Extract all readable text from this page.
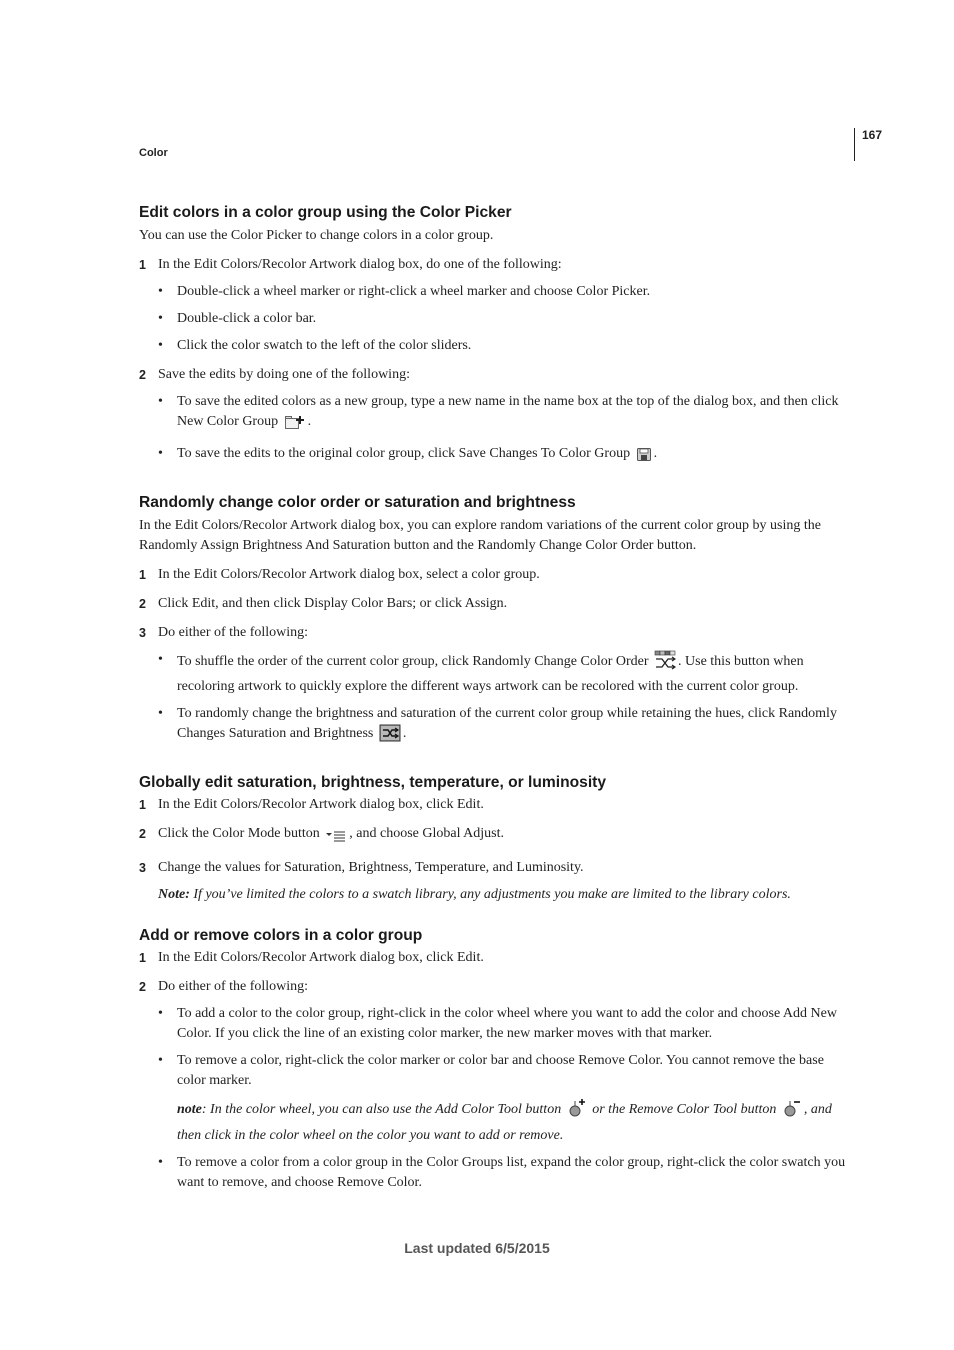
167
Color
Edit colors in a color group using the Color Picker

You can use the Color Picker to change colors in a color group.

1 In the Edit Colors/Recolor Artwork dialog box, do one of the following:
• Double-click a wheel marker or right-click a wheel marker and choose Color Picker.
• Double-click a color bar.
• Click the color swatch to the left of the color sliders.
2 Save the edits by doing one of the following:
• To save the edited colors as a new group, type a new name in the name box at the top of the dialog box, and then click New Color Group .
• To save the edits to the original color group, click Save Changes To Color Group .
Randomly change color order or saturation and brightness

In the Edit Colors/Recolor Artwork dialog box, you can explore random variations of the current color group by using the Randomly Assign Brightness And Saturation button and the Randomly Change Color Order button.

1 In the Edit Colors/Recolor Artwork dialog box, select a color group.
2 Click Edit, and then click Display Color Bars; or click Assign.
3 Do either of the following:
• To shuffle the order of the current color group, click Randomly Change Color Order . Use this button when recoloring artwork to quickly explore the different ways artwork can be recolored with the current color group.
• To randomly change the brightness and saturation of the current color group while retaining the hues, click Randomly Changes Saturation and Brightness .
Globally edit saturation, brightness, temperature, or luminosity
1 In the Edit Colors/Recolor Artwork dialog box, click Edit.
2 Click the Color Mode button , and choose Global Adjust.
3 Change the values for Saturation, Brightness, Temperature, and Luminosity.
Note: If you’ve limited the colors to a swatch library, any adjustments you make are limited to the library colors.
Add or remove colors in a color group
1 In the Edit Colors/Recolor Artwork dialog box, click Edit.
2 Do either of the following:
• To add a color to the color group, right-click in the color wheel where you want to add the color and choose Add New Color. If you click the line of an existing color marker, the new marker moves with that marker.
• To remove a color, right-click the color marker or color bar and choose Remove Color. You cannot remove the base color marker.
note: In the color wheel, you can also use the Add Color Tool button  or the Remove Color Tool button , and then click in the color wheel on the color you want to add or remove.
• To remove a color from a color group in the Color Groups list, expand the color group, right-click the color swatch you want to remove, and choose Remove Color.
Last updated 6/5/2015
